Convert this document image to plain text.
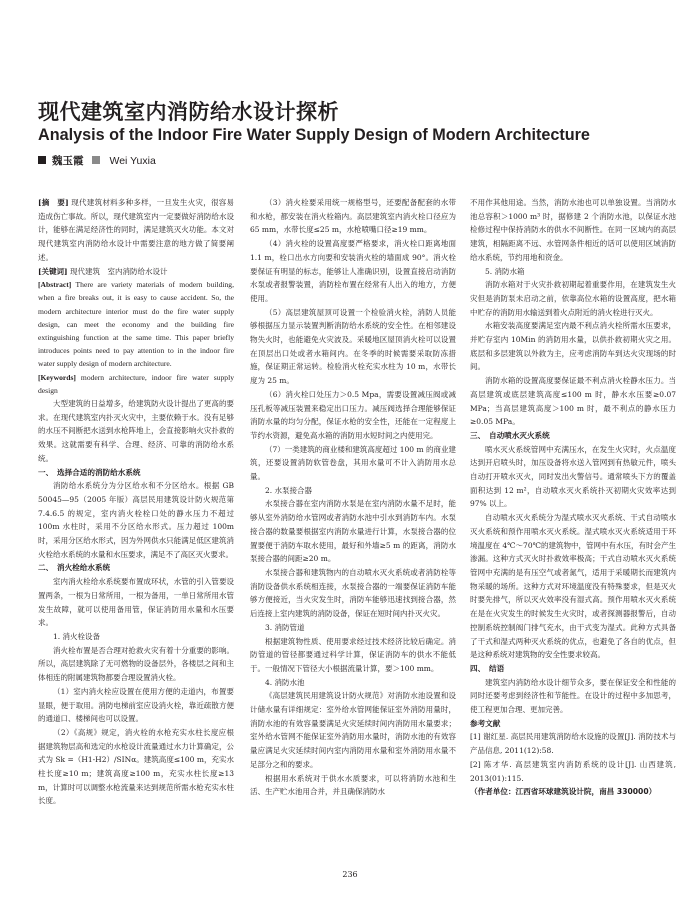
现代建筑室内消防给水设计探析
Analysis of the Indoor Fire Water Supply Design of Modern Architecture
魏玉霞 Wei Yuxia

[摘　要] 现代建筑材料多种多样，一旦发生火灾，很容易造成伤亡事故。所以，现代建筑室内一定要做好消防给水设计，能够在满足经济性的同时，满足建筑灭火功能。本文对现代建筑室内消防给水设计中需要注意的地方做了简要阐述。

[关键词] 现代建筑　室内消防给水设计

[Abstract] There are variety materials of modern building, when a fire breaks out, it is easy to cause accident. So, the modern architecture interior must do the fire water supply design, can meet the economy and the building fire extinguishing function at the same time. This paper briefly introduces points need to pay attention to in the indoor fire water supply design of modern architecture.

[Keywords] modern architecture, indoor fire water supply design

大型建筑的日益增多，给建筑防火设计提出了更高的要求。在现代建筑室内扑灭火灾中，主要依赖于水。没有足够的水压不间断把水送到水枪阵地上，会直接影响火灾扑救的效果。这就需要有科学、合理、经济、可靠的消防给水系统。

一、　选择合适的消防给水系统

消防给水系统分为分区给水和不分区给水。根据 GB 50045—95（2005 年版）高层民用建筑设计防火规范第 7.4.6.5 的规定，室内消火栓栓口处的静水压力不超过 100m 水柱时，采用不分区给水形式。压力超过 100m 时，采用分区给水形式，因为外网供水只能满足低区建筑消火栓给水系统的水量和水压要求，满足不了高区灭火要求。

二、　消火栓给水系统

室内消火栓给水系统要布置成环状，水管的引入管要设置两条，一根为日常所用，一根为备用，一单日常所用水管发生故障，就可以使用备用管，保证消防用水量和水压要求。

1. 消火栓设备

消火栓布置是否合理对抢救火灾有着十分重要的影响。所以，高层建筑除了无可燃物的设备层外，各楼层之间和主体相连的附属建筑物都要合理设置消火栓。

（1）室内消火栓应设置在使用方便的走道内，布置要显眼，便于取用。消防电梯前室应设消火栓，靠近疏散方便的通道口、楼梯间也可以设置。

（2）《高规》规定，消火栓的水枪充实水柱长度应根据建筑物层高和选定的水枪设计流量通过水力计算确定，公式为 Sk =（H1-H2）/SINα。建筑高度≤100 m，充实水柱长度≥10 m；建筑高度≥100 m，充实水柱长度≥13 m，计算时可以调整水枪流量来达到规范所需水枪充实水柱长度。

（3）消火栓要采用统一规格型号，还要配备配套的水带和水枪，都安装在消火栓箱内。高层建筑室内消火栓口径应为 65 mm，水带长度≤25 m，水枪喷嘴口径≥19 mm。

（4）消火栓的设置高度要严格要求，消火栓口距离地面 1.1 m，栓口出水方向要和安装消火栓的墙面成 90°。消火栓要保证有明显的标志，能够让人准确识别，设置直接启动消防水泵或者报警装置，消防栓布置在经常有人出入的地方，方便使用。

（5）高层建筑屋顶可设置一个检验消火栓，消防人员能够根据压力显示装置判断消防给水系统的安全性。在相邻建设物失火时，也能避免火灾波及。采暖地区屋顶消火栓可以设置在顶层出口处或者水箱间内。在冬季的时候需要采取防冻措施，保证期正常运转。检验消火栓充实水柱为 10 m，水带长度为 25 m。

（6）消火栓口处压力＞0.5 Mpa，需要设置减压阀或减压孔板等减压装置来稳定出口压力。减压阀选择合理能够保证消防水量的均匀分配，保证水枪的安全性，还能在一定程度上节约水资源，避免高水箱的消防用水短时间之内使用完。

（7）一类建筑的商业楼和建筑高度超过 100 m 的商业建筑，还要设置消防软管卷盘，其用水量可不计入消防用水总量。

2. 水泵接合器

水泵接合器在室内消防水泵是在室内消防水量不足时，能够从室外消防给水管网或者消防水池中引水到消防车内。水泵接合器的数量要根据室内消防水量进行计算，水泵接合器的位置要便于消防车取水使用，最好和外墙≥5 m 的距离，消防水泵接合器的间距≥20 m。

水泵接合器和建筑物内的自动喷水灭火系统或者消防栓等消防设备供水系统相连接，水泵接合器的一端要保证消防车能够方便接近，当火灾发生时，消防车能够迅速找到接合器，然后连接上室内建筑的消防设备，保证在短时间内扑灭火灾。

3. 消防管道

根据建筑物性质、使用要求经过技术经济比较后确定。消防管道的管径都要通过科学计算，保证消防车的供水不能低于。一般情况下管径大小根据流量计算，要＞100 mm。

4. 消防水池

《高层建筑民用建筑设计防火规范》对消防水池设置和设计储水量有详细规定：室外给水管网能保证室外消防用量时，消防水池的有效容量要满足火灾延续时间内消防用水量要求；室外给水管网不能保证室外消防用水量时，消防水池的有效容量应满足火灾延续时间内室内消防用水量和室外消防用水量不足部分之和的要求。

根据用水系统对于供水水质要求，可以将消防水池和生活、生产贮水池用合并，并且确保消防水

不用作其他用途。当然，消防水池也可以单独设置。当消防水池总容积＞1000 m³ 时，据修建 2 个消防水池，以保证水池检修过程中保持消防水的供水不间断性。在同一区域内的高层建筑，相隔距离不远、水管网条件相近的话可以使用区域消防给水系统，节约用地和资金。

5. 消防水箱

消防水箱对于火灾扑救初期起着重要作用，在建筑发生火灾但是消防泵未启动之前，依靠高位水箱的设置高度，把水箱中贮存的消防用水输送到着火点附近的消火栓进行灭火。

水箱安装高度要满足室内最不利点消火栓所需水压要求，并贮存室内 10Min 的消防用水量，以供扑救初期火灾之用。底层和多层建筑以外救为主，应考虑消防车到达火灾现场的时间。

消防水箱的设置高度要保证最不利点消火栓静水压力。当高层建筑或底层建筑高度≤100 m 时，静水水压要≥0.07 MPa；当高层建筑高度＞100 m 时，最不利点的静水压力≥0.05 MPa。

三、　自动喷水灭火系统

喷水灭火系统管网中充满压水，在发生火灾时，火点温度达到开启喷头时，加压设备将水送入管网到有热敏元件，喷头自动打开喷水灭火，同时发出火警信号。通常喷头下方的覆盖面积达到 12 m²，自动喷水灭火系统扑灭初期火灾效率达到 97% 以上。

自动喷水灭火系统分为湿式喷水灭火系统、干式自动喷水灭火系统和预作用喷水灭火系统。湿式喷水灭火系统适用于环境温度在 4℃～70℃的建筑物中，管网中有水压，有时会产生渗漏。这种方式灭火时扑救效率极高；干式自动喷水灭火系统管网中充满的是有压空气或者氮气，适用于采暖期长而建筑内物采暖的场所。这种方式对环境温度没有特殊要求，但是灭火时要先排气，所以灭火效率没有湿式高。预作用喷水灭火系统在是在火灾发生的时候发生火灾时，或者探测器报警后，自动控制系统控制阀门排气充水，由干式变为湿式。此种方式具备了干式和湿式两种灭火系统的优点，也避免了各自的优点，但是这种系统对建筑物的安全性要求较高。

四、　结语

建筑室内消防给水设计细节众多，要在保证安全和性能的同时还要考虑到经济性和节能性。在设计的过程中多加思考，使工程更加合理、更加完善。

参考文献

[1] 谢红星. 高层民用建筑消防给水设施的设置[J]. 消防技术与产品信息, 2011(12):58.

[2] 陈才华. 高层建筑室内消防系统的设计[J]. 山西建筑, 2013(01):115.

（作者单位：江西省环球建筑设计院，南昌 330000）

236
